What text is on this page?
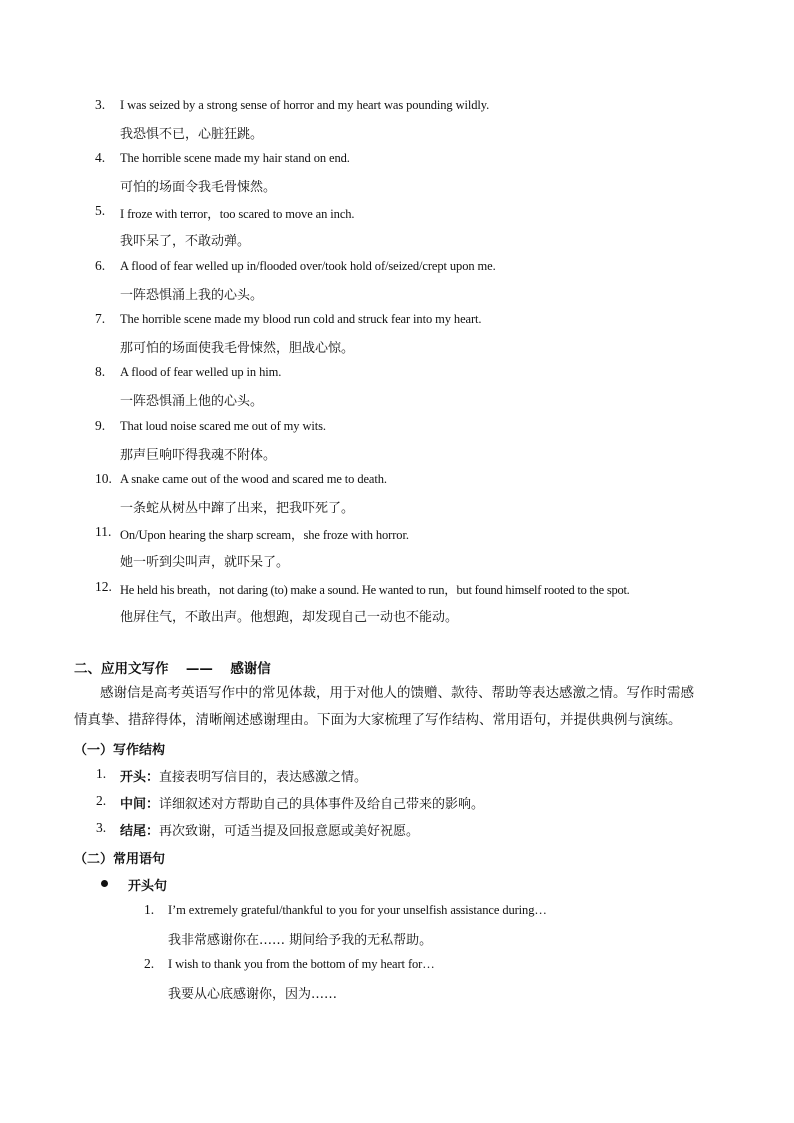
3. I was seized by a strong sense of horror and my heart was pounding wildly.
我恐惧不已，心脏狂跳。
4. The horrible scene made my hair stand on end.
可怕的场面令我毛骨悚然。
5. I froze with terror，too scared to move an inch.
我吓呆了，不敢动弹。
6. A flood of fear welled up in/flooded over/took hold of/seized/crept upon me.
一阵恐惧涌上我的心头。
7. The horrible scene made my blood run cold and struck fear into my heart.
那可怕的场面使我毛骨悚然，胆战心惊。
8. A flood of fear welled up in him.
一阵恐惧涌上他的心头。
9. That loud noise scared me out of my wits.
那声巨响吓得我魂不附体。
10. A snake came out of the wood and scared me to death.
一条蛇从树丛中蹿了出来，把我吓死了。
11. On/Upon hearing the sharp scream，she froze with horror.
她一听到尖叫声，就吓呆了。
12. He held his breath，not daring (to) make a sound. He wanted to run，but found himself rooted to the spot.
他屏住气，不敢出声。他想跑，却发现自己一动也不能动。
二、应用文写作 —— 感谢信
感谢信是高考英语写作中的常见体裁，用于对他人的馈赠、款待、帮助等表达感激之情。写作时需感
情真挚、措辞得体，清晰阐述感谢理由。下面为大家梳理了写作结构、常用语句，并提供典例与演练。
（一）写作结构
1. 开头：直接表明写信目的，表达感激之情。
2. 中间：详细叙述对方帮助自己的具体事件及给自己带来的影响。
3. 结尾：再次致谢，可适当提及回报意愿或美好祝愿。
（二）常用语句
开头句
1. I’m extremely grateful/thankful to you for your unselfish assistance during…
我非常感谢你在…… 期间给予我的无私帮助。
2. I wish to thank you from the bottom of my heart for…
我要从心底感谢你，因为……
